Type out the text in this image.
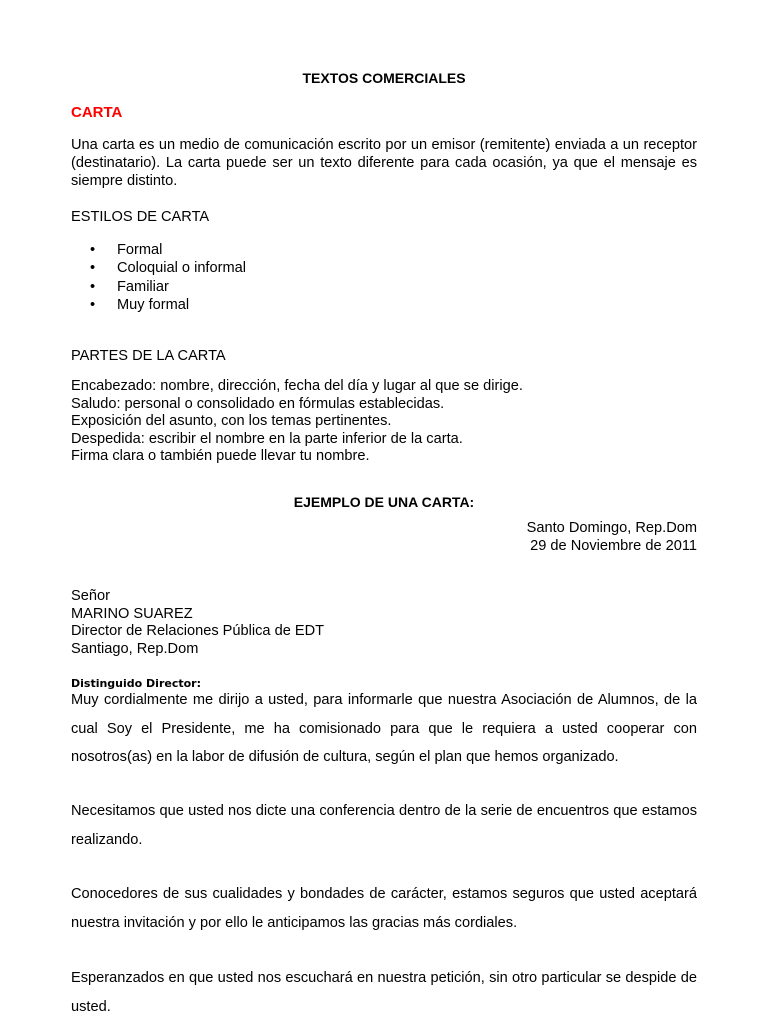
TEXTOS COMERCIALES
CARTA

Una carta es un medio de comunicación escrito por un emisor (remitente) enviada a un receptor (destinatario). La carta puede ser un texto diferente para cada ocasión, ya que el mensaje es siempre distinto.

ESTILOS DE CARTA
• Formal
• Coloquial o informal
• Familiar
• Muy formal
PARTES DE LA CARTA
Encabezado: nombre, dirección, fecha del día y lugar al que se dirige.
Saludo: personal o consolidado en fórmulas establecidas.
Exposición del asunto, con los temas pertinentes.
Despedida: escribir el nombre en la parte inferior de la carta.
Firma clara o también puede llevar tu nombre.
EJEMPLO DE UNA CARTA:
Santo Domingo, Rep.Dom
29 de Noviembre de 2011
Señor
MARINO SUAREZ
Director de Relaciones Pública de EDT
Santiago, Rep.Dom
Distinguido Director:

Muy cordialmente me dirijo a usted, para informarle que nuestra Asociación de Alumnos, de la cual Soy el Presidente, me ha comisionado para que le requiera a usted cooperar con nosotros(as) en la labor de difusión de cultura, según el plan que hemos organizado.

Necesitamos que usted nos dicte una conferencia dentro de la serie de encuentros que estamos realizando.

Conocedores de sus cualidades y bondades de carácter, estamos seguros que usted aceptará nuestra invitación y por ello le anticipamos las gracias más cordiales.

Esperanzados en que usted nos escuchará en nuestra petición, sin otro particular se despide de usted.
